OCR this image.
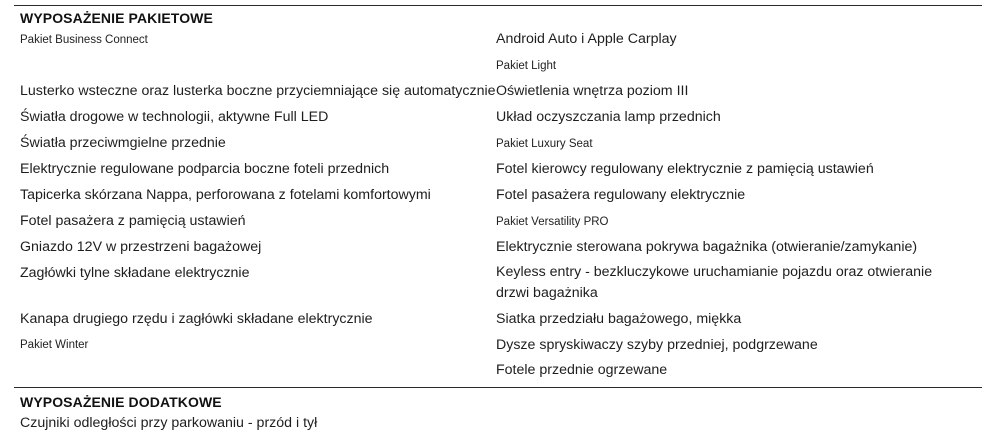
WYPOSAŻENIE PAKIETOWE
Pakiet Business Connect
Lusterko wsteczne oraz lusterka boczne przyciemniające się automatycznie
Światła drogowe w technologii, aktywne Full LED
Światła przeciwmgielne przednie
Elektrycznie regulowane podparcia boczne foteli przednich
Tapicerka skórzana Nappa, perforowana z fotelami komfortowymi
Fotel pasażera z pamięcią ustawień
Gniazdo 12V w przestrzeni bagażowej
Zagłówki tylne składane elektrycznie
Kanapa drugiego rzędu i zagłówki składane elektrycznie
Pakiet Winter
Android Auto i Apple Carplay
Pakiet Light
Oświetlenia wnętrza poziom III
Układ oczyszczania lamp przednich
Pakiet Luxury Seat
Fotel kierowcy regulowany elektrycznie z pamięcią ustawień
Fotel pasażera regulowany elektrycznie
Pakiet Versatility PRO
Elektrycznie sterowana pokrywa bagażnika (otwieranie/zamykanie)
Keyless entry - bezkluczykowe uruchamianie pojazdu oraz otwieranie drzwi bagażnika
Siatka przedziału bagażowego, miękka
Dysze spryskiwaczy szyby przedniej, podgrzewane
Fotele przednie ogrzewane
WYPOSAŻENIE DODATKOWE
Czujniki odległości przy parkowaniu - przód i tył
